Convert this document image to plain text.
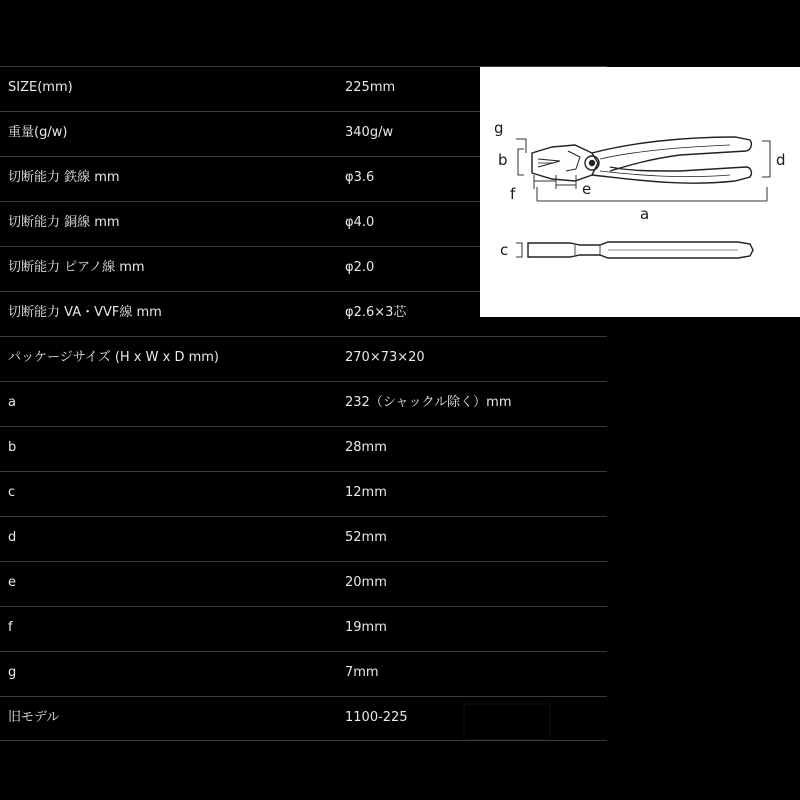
SIZE(mm)	225mm
重量(g/w)	340g/w
切断能力 鉄線 mm	φ3.6
切断能力 銅線 mm	φ4.0
切断能力 ピアノ線 mm	φ2.0
切断能力 VA・VVF線 mm	φ2.6×3芯
パッケージサイズ (H x W x D mm)	270×73×20
a	232（シャックル除く）mm
b	28mm
c	12mm
d	52mm
e	20mm
f	19mm
g	7mm
旧モデル	1100-225
g
b	d
f	e
a
c
